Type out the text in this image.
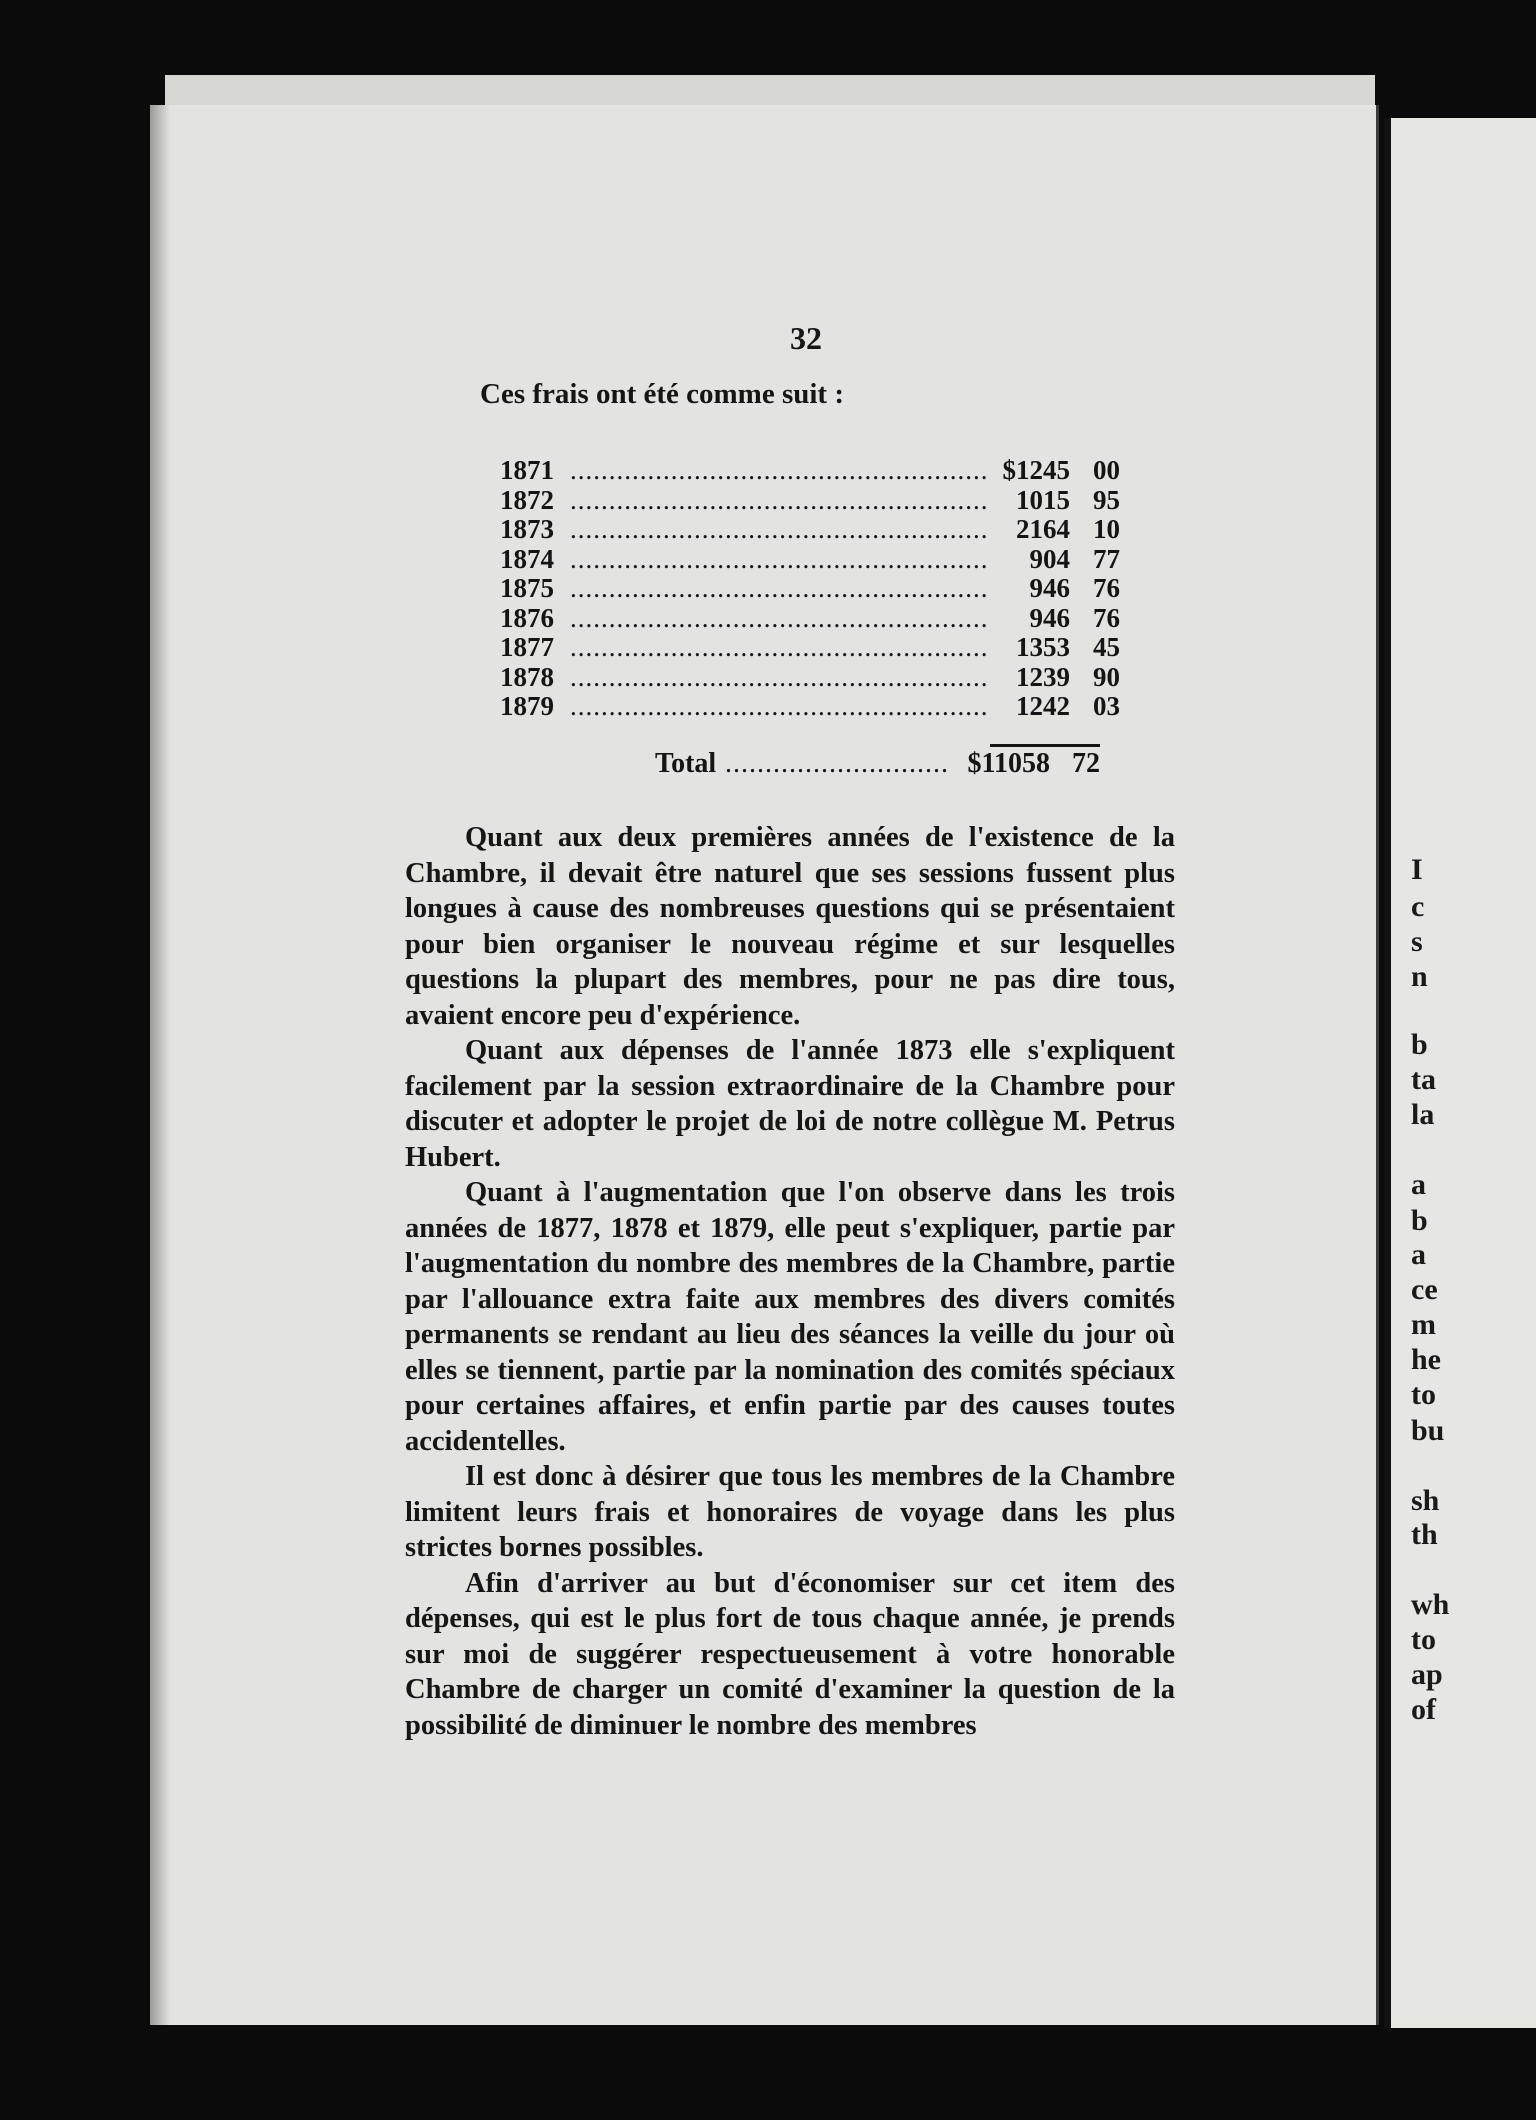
I
c
s
n
b
ta
la
a
b
a
ce
m
he
to
bu
sh
th
wh
to
ap
of
32
Ces frais ont été comme suit :
1871 .....	$1245 00
1872 .....	1015 95
1873 .....	2164 10
1874 .....	904 77
1875 .....	946 76
1876 .....	946 76
1877 .....	1353 45
1878 .....	1239 90
1879 .....	1242 03
Total .....	$11058 72

Quant aux deux premières années de l'existence de la Chambre, il devait être naturel que ses sessions fussent plus longues à cause des nombreuses questions qui se présentaient pour bien organiser le nouveau régime et sur lesquelles questions la plupart des membres, pour ne pas dire tous, avaient encore peu d'expérience.

Quant aux dépenses de l'année 1873 elle s'expliquent facilement par la session extraordinaire de la Chambre pour discuter et adopter le projet de loi de notre collègue M. Petrus Hubert.

Quant à l'augmentation que l'on observe dans les trois années de 1877, 1878 et 1879, elle peut s'expliquer, partie par l'augmentation du nombre des membres de la Chambre, partie par l'allouance extra faite aux membres des divers comités permanents se rendant au lieu des séances la veille du jour où elles se tiennent, partie par la nomination des comités spéciaux pour certaines affaires, et enfin partie par des causes toutes accidentelles.

Il est donc à désirer que tous les membres de la Chambre limitent leurs frais et honoraires de voyage dans les plus strictes bornes possibles.

Afin d'arriver au but d'économiser sur cet item des dépenses, qui est le plus fort de tous chaque année, je prends sur moi de suggérer respectueusement à votre honorable Chambre de charger un comité d'examiner la question de la possibilité de diminuer le nombre des membres
